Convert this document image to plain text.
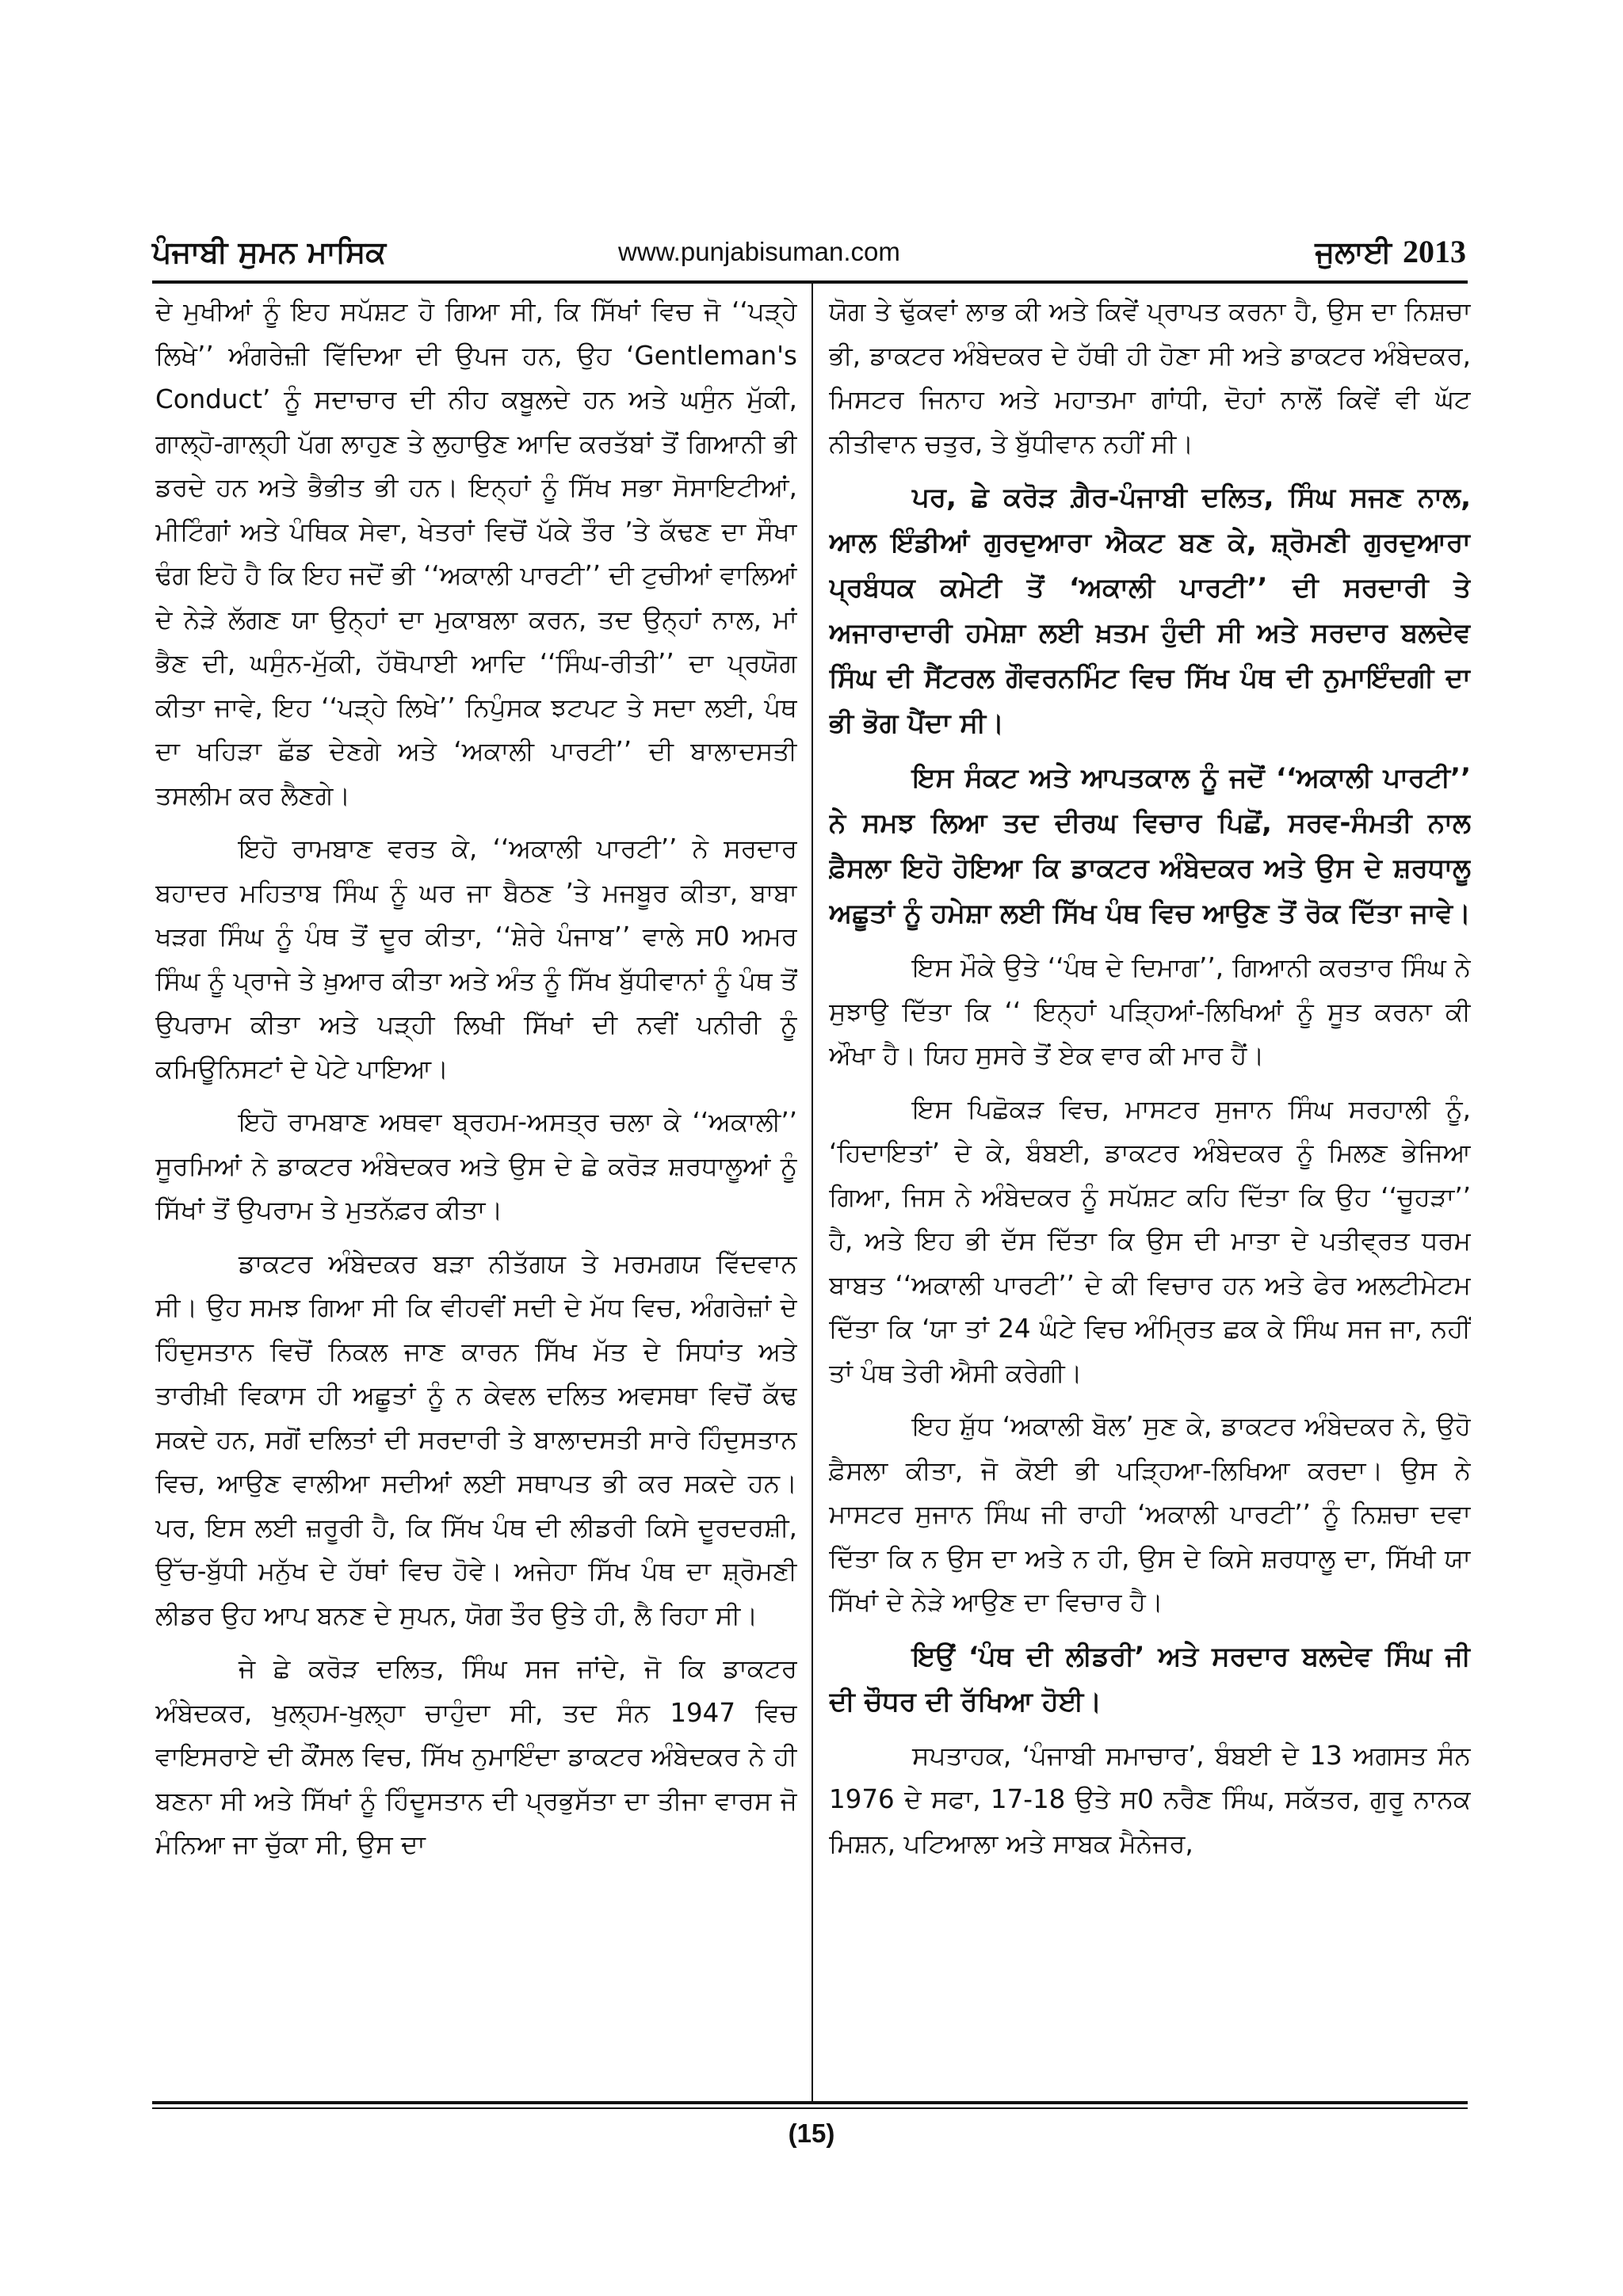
ਪੰਜਾਬੀ ਸੁਮਨ ਮਾਸਿਕ	www.punjabisuman.com	ਜੁਲਾਈ 2013

ਦੇ ਮੁਖੀਆਂ ਨੂੰ ਇਹ ਸਪੱਸ਼ਟ ਹੋ ਗਿਆ ਸੀ, ਕਿ ਸਿੱਖਾਂ ਵਿਚ ਜੋ ‘‘ਪੜ੍ਹੇ ਲਿਖੇ’’ ਅੰਗਰੇਜ਼ੀ ਵਿੱਦਿਆ ਦੀ ਉਪਜ ਹਨ, ਉਹ ‘Gentleman's Conduct’ ਨੂੰ ਸਦਾਚਾਰ ਦੀ ਨੀਹ ਕਬੂਲਦੇ ਹਨ ਅਤੇ ਘਸੁੰਨ ਮੁੱਕੀ, ਗਾਲ੍ਹੋ-ਗਾਲ੍ਹੀ ਪੱਗ ਲਾਹੁਣ ਤੇ ਲੁਹਾਉਣ ਆਦਿ ਕਰਤੱਬਾਂ ਤੋਂ ਗਿਆਨੀ ਭੀ ਡਰਦੇ ਹਨ ਅਤੇ ਭੈਭੀਤ ਭੀ ਹਨ। ਇਨ੍ਹਾਂ ਨੂੰ ਸਿੱਖ ਸਭਾ ਸੋਸਾਇਟੀਆਂ, ਮੀਟਿੰਗਾਂ ਅਤੇ ਪੰਥਿਕ ਸੇਵਾ, ਖੇਤਰਾਂ ਵਿਚੋਂ ਪੱਕੇ ਤੌਰ ’ਤੇ ਕੱਢਣ ਦਾ ਸੌਖਾ ਢੰਗ ਇਹੋ ਹੈ ਕਿ ਇਹ ਜਦੋਂ ਭੀ ‘‘ਅਕਾਲੀ ਪਾਰਟੀ’’ ਦੀ ਟੁਚੀਆਂ ਵਾਲਿਆਂ ਦੇ ਨੇੜੇ ਲੱਗਣ ਯਾ ਉਨ੍ਹਾਂ ਦਾ ਮੁਕਾਬਲਾ ਕਰਨ, ਤਦ ਉਨ੍ਹਾਂ ਨਾਲ, ਮਾਂ ਭੈਣ ਦੀ, ਘਸੁੰਨ-ਮੁੱਕੀ, ਹੱਥੋਪਾਈ ਆਦਿ ‘‘ਸਿੰਘ-ਰੀਤੀ’’ ਦਾ ਪ੍ਰਯੋਗ ਕੀਤਾ ਜਾਵੇ, ਇਹ ‘‘ਪੜ੍ਹੇ ਲਿਖੇ’’ ਨਿਪੁੰਸਕ ਝਟਪਟ ਤੇ ਸਦਾ ਲਈ, ਪੰਥ ਦਾ ਖਹਿੜਾ ਛੱਡ ਦੇਣਗੇ ਅਤੇ ‘ਅਕਾਲੀ ਪਾਰਟੀ’’ ਦੀ ਬਾਲਾਦਸਤੀ ਤਸਲੀਮ ਕਰ ਲੈਣਗੇ।

ਇਹੋ ਰਾਮਬਾਣ ਵਰਤ ਕੇ, ‘‘ਅਕਾਲੀ ਪਾਰਟੀ’’ ਨੇ ਸਰਦਾਰ ਬਹਾਦਰ ਮਹਿਤਾਬ ਸਿੰਘ ਨੂੰ ਘਰ ਜਾ ਬੈਠਣ ’ਤੇ ਮਜਬੂਰ ਕੀਤਾ, ਬਾਬਾ ਖੜਗ ਸਿੰਘ ਨੂੰ ਪੰਥ ਤੋਂ ਦੂਰ ਕੀਤਾ, ‘‘ਸ਼ੇਰੇ ਪੰਜਾਬ’’ ਵਾਲੇ ਸ0 ਅਮਰ ਸਿੰਘ ਨੂੰ ਪ੍ਰਾਜੇ ਤੇ ਖ਼ੁਆਰ ਕੀਤਾ ਅਤੇ ਅੰਤ ਨੂੰ ਸਿੱਖ ਬੁੱਧੀਵਾਨਾਂ ਨੂੰ ਪੰਥ ਤੋਂ ਉਪਰਾਮ ਕੀਤਾ ਅਤੇ ਪੜ੍ਹੀ ਲਿਖੀ ਸਿੱਖਾਂ ਦੀ ਨਵੀਂ ਪਨੀਰੀ ਨੂੰ ਕਮਿਊਨਿਸਟਾਂ ਦੇ ਪੇਟੇ ਪਾਇਆ।

ਇਹੋ ਰਾਮਬਾਣ ਅਥਵਾ ਬ੍ਰਹਮ-ਅਸਤ੍ਰ ਚਲਾ ਕੇ ‘‘ਅਕਾਲੀ’’ ਸੂਰਮਿਆਂ ਨੇ ਡਾਕਟਰ ਅੰਬੇਦਕਰ ਅਤੇ ਉਸ ਦੇ ਛੇ ਕਰੋੜ ਸ਼ਰਧਾਲੂਆਂ ਨੂੰ ਸਿੱਖਾਂ ਤੋਂ ਉਪਰਾਮ ਤੇ ਮੁਤਨੱਫ਼ਰ ਕੀਤਾ।

ਡਾਕਟਰ ਅੰਬੇਦਕਰ ਬੜਾ ਨੀਤੱਗਯ ਤੇ ਮਰਮਗਯ ਵਿੱਦਵਾਨ ਸੀ। ਉਹ ਸਮਝ ਗਿਆ ਸੀ ਕਿ ਵੀਹਵੀਂ ਸਦੀ ਦੇ ਮੱਧ ਵਿਚ, ਅੰਗਰੇਜ਼ਾਂ ਦੇ ਹਿੰਦੁਸਤਾਨ ਵਿਚੋਂ ਨਿਕਲ ਜਾਣ ਕਾਰਨ ਸਿੱਖ ਮੱਤ ਦੇ ਸਿਧਾਂਤ ਅਤੇ ਤਾਰੀਖ਼ੀ ਵਿਕਾਸ ਹੀ ਅਛੂਤਾਂ ਨੂੰ ਨ ਕੇਵਲ ਦਲਿਤ ਅਵਸਥਾ ਵਿਚੋਂ ਕੱਢ ਸਕਦੇ ਹਨ, ਸਗੋਂ ਦਲਿਤਾਂ ਦੀ ਸਰਦਾਰੀ ਤੇ ਬਾਲਾਦਸਤੀ ਸਾਰੇ ਹਿੰਦੁਸਤਾਨ ਵਿਚ, ਆਉਣ ਵਾਲੀਆ ਸਦੀਆਂ ਲਈ ਸਥਾਪਤ ਭੀ ਕਰ ਸਕਦੇ ਹਨ। ਪਰ, ਇਸ ਲਈ ਜ਼ਰੂਰੀ ਹੈ, ਕਿ ਸਿੱਖ ਪੰਥ ਦੀ ਲੀਡਰੀ ਕਿਸੇ ਦੂਰਦਰਸ਼ੀ, ਉੱਚ-ਬੁੱਧੀ ਮਨੁੱਖ ਦੇ ਹੱਥਾਂ ਵਿਚ ਹੋਵੇ। ਅਜੇਹਾ ਸਿੱਖ ਪੰਥ ਦਾ ਸ਼੍ਰੋਮਣੀ ਲੀਡਰ ਉਹ ਆਪ ਬਨਣ ਦੇ ਸੁਪਨ, ਯੋਗ ਤੌਰ ਉਤੇ ਹੀ, ਲੈ ਰਿਹਾ ਸੀ।

ਜੇ ਛੇ ਕਰੋੜ ਦਲਿਤ, ਸਿੰਘ ਸਜ ਜਾਂਦੇ, ਜੋ ਕਿ ਡਾਕਟਰ ਅੰਬੇਦਕਰ, ਖੁਲ੍ਹਮ-ਖੁਲ੍ਹਾ ਚਾਹੁੰਦਾ ਸੀ, ਤਦ ਸੰਨ 1947 ਵਿਚ ਵਾਇਸਰਾਏ ਦੀ ਕੌਂਸਲ ਵਿਚ, ਸਿੱਖ ਨੁਮਾਇੰਦਾ ਡਾਕਟਰ ਅੰਬੇਦਕਰ ਨੇ ਹੀ ਬਣਨਾ ਸੀ ਅਤੇ ਸਿੱਖਾਂ ਨੂੰ ਹਿੰਦੂਸਤਾਨ ਦੀ ਪ੍ਰਭੁਸੱਤਾ ਦਾ ਤੀਜਾ ਵਾਰਸ ਜੋ ਮੰਨਿਆ ਜਾ ਚੁੱਕਾ ਸੀ, ਉਸ ਦਾ

ਯੋਗ ਤੇ ਢੁੱਕਵਾਂ ਲਾਭ ਕੀ ਅਤੇ ਕਿਵੇਂ ਪ੍ਰਾਪਤ ਕਰਨਾ ਹੈ, ਉਸ ਦਾ ਨਿਸ਼ਚਾ ਭੀ, ਡਾਕਟਰ ਅੰਬੇਦਕਰ ਦੇ ਹੱਥੀ ਹੀ ਹੋਣਾ ਸੀ ਅਤੇ ਡਾਕਟਰ ਅੰਬੇਦਕਰ, ਮਿਸਟਰ ਜਿਨਾਹ ਅਤੇ ਮਹਾਤਮਾ ਗਾਂਧੀ, ਦੋਹਾਂ ਨਾਲੋਂ ਕਿਵੇਂ ਵੀ ਘੱਟ ਨੀਤੀਵਾਨ ਚਤੁਰ, ਤੇ ਬੁੱਧੀਵਾਨ ਨਹੀਂ ਸੀ।

ਪਰ, ਛੇ ਕਰੋੜ ਗ਼ੈਰ-ਪੰਜਾਬੀ ਦਲਿਤ, ਸਿੰਘ ਸਜਣ ਨਾਲ, ਆਲ ਇੰਡੀਆਂ ਗੁਰਦੁਆਰਾ ਐਕਟ ਬਣ ਕੇ, ਸ਼੍ਰੋਮਣੀ ਗੁਰਦੁਆਰਾ ਪ੍ਰਬੰਧਕ ਕਮੇਟੀ ਤੋਂ ‘ਅਕਾਲੀ ਪਾਰਟੀ’’ ਦੀ ਸਰਦਾਰੀ ਤੇ ਅਜਾਰਾਦਾਰੀ ਹਮੇਸ਼ਾ ਲਈ ਖ਼ਤਮ ਹੁੰਦੀ ਸੀ ਅਤੇ ਸਰਦਾਰ ਬਲਦੇਵ ਸਿੰਘ ਦੀ ਸੈਂਟਰਲ ਗੌਵਰਨਮਿੰਟ ਵਿਚ ਸਿੱਖ ਪੰਥ ਦੀ ਨੁਮਾਇੰਦਗੀ ਦਾ ਭੀ ਭੋਗ ਪੈਂਦਾ ਸੀ।

ਇਸ ਸੰਕਟ ਅਤੇ ਆਪਤਕਾਲ ਨੂੰ ਜਦੋਂ ‘‘ਅਕਾਲੀ ਪਾਰਟੀ’’ ਨੇ ਸਮਝ ਲਿਆ ਤਦ ਦੀਰਘ ਵਿਚਾਰ ਪਿਛੋਂ, ਸਰਵ-ਸੰਮਤੀ ਨਾਲ ਫ਼ੈਸਲਾ ਇਹੋ ਹੋਇਆ ਕਿ ਡਾਕਟਰ ਅੰਬੇਦਕਰ ਅਤੇ ਉਸ ਦੇ ਸ਼ਰਧਾਲੂ ਅਛੂਤਾਂ ਨੂੰ ਹਮੇਸ਼ਾ ਲਈ ਸਿੱਖ ਪੰਥ ਵਿਚ ਆਉਣ ਤੋਂ ਰੋਕ ਦਿੱਤਾ ਜਾਵੇ।

ਇਸ ਮੌਕੇ ਉਤੇ ‘‘ਪੰਥ ਦੇ ਦਿਮਾਗ’’, ਗਿਆਨੀ ਕਰਤਾਰ ਸਿੰਘ ਨੇ ਸੁਝਾਉ ਦਿੱਤਾ ਕਿ ‘‘ ਇਨ੍ਹਾਂ ਪੜ੍ਹਿਆਂ-ਲਿਖਿਆਂ ਨੂੰ ਸੂਤ ਕਰਨਾ ਕੀ ਔਖਾ ਹੈ। ਯਿਹ ਸੁਸਰੇ ਤੋਂ ਏਕ ਵਾਰ ਕੀ ਮਾਰ ਹੈਂ।

ਇਸ ਪਿਛੋਕੜ ਵਿਚ, ਮਾਸਟਰ ਸੁਜਾਨ ਸਿੰਘ ਸਰਹਾਲੀ ਨੂੰ, ‘ਹਿਦਾਇਤਾਂ’ ਦੇ ਕੇ, ਬੰਬਈ, ਡਾਕਟਰ ਅੰਬੇਦਕਰ ਨੂੰ ਮਿਲਣ ਭੇਜਿਆ ਗਿਆ, ਜਿਸ ਨੇ ਅੰਬੇਦਕਰ ਨੂੰ ਸਪੱਸ਼ਟ ਕਹਿ ਦਿੱਤਾ ਕਿ ਉਹ ‘‘ਚੂਹੜਾ’’ ਹੈ, ਅਤੇ ਇਹ ਭੀ ਦੱਸ ਦਿੱਤਾ ਕਿ ਉਸ ਦੀ ਮਾਤਾ ਦੇ ਪਤੀਵ੍ਰਤ ਧਰਮ ਬਾਬਤ ‘‘ਅਕਾਲੀ ਪਾਰਟੀ’’ ਦੇ ਕੀ ਵਿਚਾਰ ਹਨ ਅਤੇ ਫੇਰ ਅਲਟੀਮੇਟਮ ਦਿੱਤਾ ਕਿ ‘ਯਾ ਤਾਂ 24 ਘੰਟੇ ਵਿਚ ਅੰਮ੍ਰਿਤ ਛਕ ਕੇ ਸਿੰਘ ਸਜ ਜਾ, ਨਹੀਂ ਤਾਂ ਪੰਥ ਤੇਰੀ ਐਸੀ ਕਰੇਗੀ।

ਇਹ ਸ਼ੁੱਧ ‘ਅਕਾਲੀ ਬੋਲ’ ਸੁਣ ਕੇ, ਡਾਕਟਰ ਅੰਬੇਦਕਰ ਨੇ, ਉਹੋ ਫ਼ੈਸਲਾ ਕੀਤਾ, ਜੋ ਕੋਈ ਭੀ ਪੜ੍ਹਿਆ-ਲਿਖਿਆ ਕਰਦਾ। ਉਸ ਨੇ ਮਾਸਟਰ ਸੁਜਾਨ ਸਿੰਘ ਜੀ ਰਾਹੀ ‘ਅਕਾਲੀ ਪਾਰਟੀ’’ ਨੂੰ ਨਿਸ਼ਚਾ ਦਵਾ ਦਿੱਤਾ ਕਿ ਨ ਉਸ ਦਾ ਅਤੇ ਨ ਹੀ, ਉਸ ਦੇ ਕਿਸੇ ਸ਼ਰਧਾਲੂ ਦਾ, ਸਿੱਖੀ ਯਾ ਸਿੱਖਾਂ ਦੇ ਨੇੜੇ ਆਉਣ ਦਾ ਵਿਚਾਰ ਹੈ।

ਇਉਂ ‘ਪੰਥ ਦੀ ਲੀਡਰੀ’ ਅਤੇ ਸਰਦਾਰ ਬਲਦੇਵ ਸਿੰਘ ਜੀ ਦੀ ਚੌਧਰ ਦੀ ਰੱਖਿਆ ਹੋਈ।

ਸਪਤਾਹਕ, ‘ਪੰਜਾਬੀ ਸਮਾਚਾਰ’, ਬੰਬਈ ਦੇ 13 ਅਗਸਤ ਸੰਨ 1976 ਦੇ ਸਫਾ, 17-18 ਉਤੇ ਸ0 ਨਰੈਣ ਸਿੰਘ, ਸਕੱਤਰ, ਗੁਰੂ ਨਾਨਕ ਮਿਸ਼ਨ, ਪਟਿਆਲਾ ਅਤੇ ਸਾਬਕ ਮੈਨੇਜਰ,

(15)
